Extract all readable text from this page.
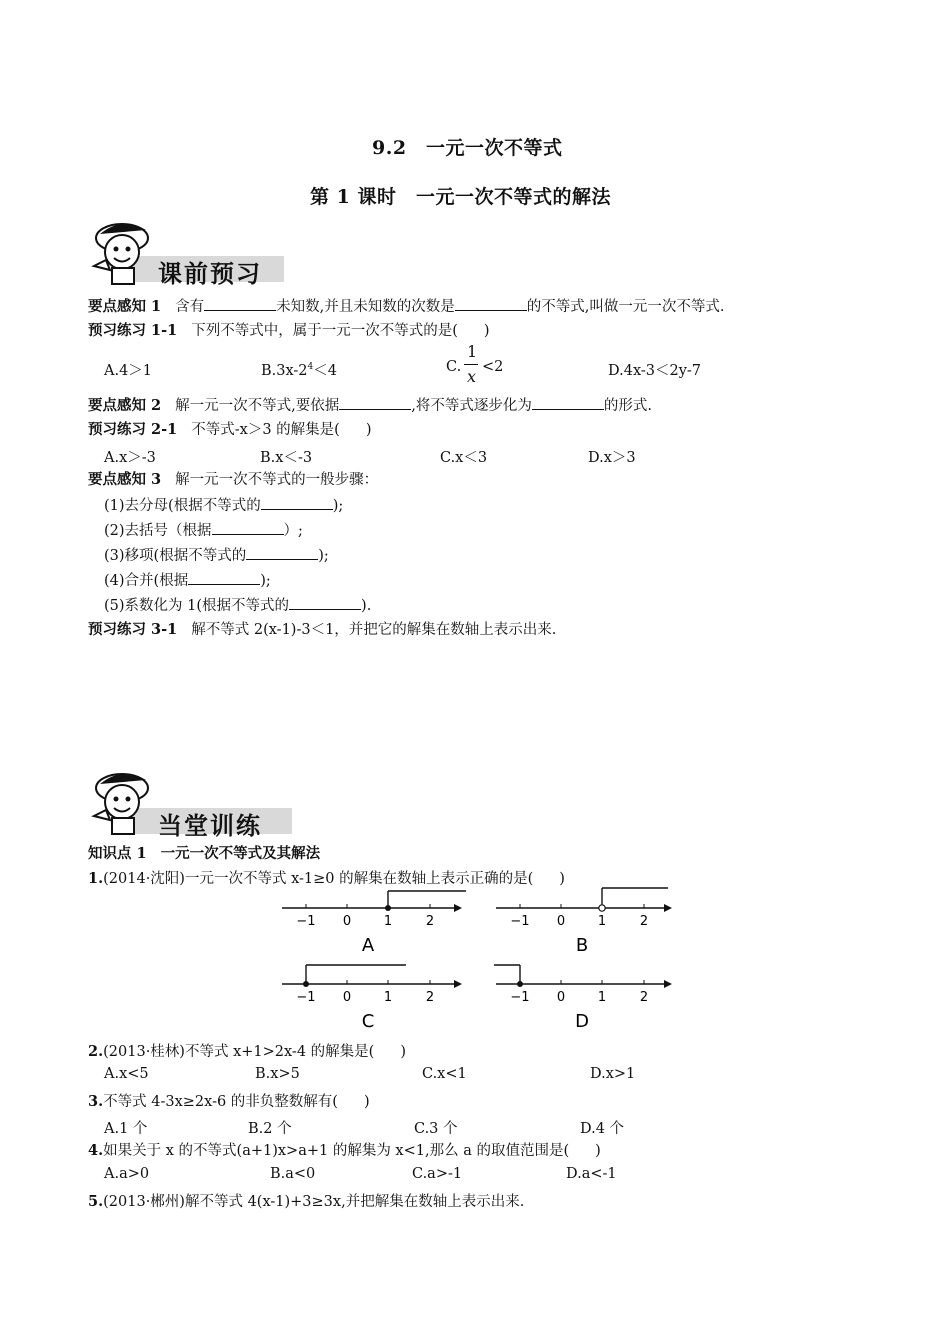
9.2　一元一次不等式
第 1 课时　一元一次不等式的解法
课前预习
要点感知 1 含有	未知数,并且未知数的次数是	的不等式,叫做一元一次不等式.
预习练习 1-1 下列不等式中，属于一元一次不等式的是( )
A.4＞1	$B.3x-2^4<4$	C.
1
x <2	D.4x-3＜2y-7
要点感知 2 解一元一次不等式,要依据	,将不等式逐步化为	的形式.
预习练习 2-1 不等式-x＞3 的解集是( )
A.x＞-3	B.x＜-3	C.x＜3	D.x＞3
要点感知 3 解一元一次不等式的一般步骤：
(1)去分母(根据不等式的	);
(2)去括号（根据	）;
(3)移项(根据不等式的	);
(4)合并(根据	);
(5)系数化为 1(根据不等式的	).
预习练习 3-1 解不等式 2(x-1)-3＜1，并把它的解集在数轴上表示出来.
当堂训练
知识点 1 一元一次不等式及其解法
1.(2014·沈阳)一元一次不等式 x-1≥0 的解集在数轴上表示正确的是( )
−1 0	1	2
A
−1 0	1	2
B
−1 0	1	2
C
−1 0	1	2
D
2.(2013·桂林)不等式 x+1>2x-4 的解集是( )
A.x<5	B.x>5	C.x<1	D.x>1
3.不等式 4-3x≥2x-6 的非负整数解有( )
A.1 个	B.2 个	C.3 个	D.4 个
4.如果关于 x 的不等式(a+1)x>a+1 的解集为 x<1,那么 a 的取值范围是( )
A.a>0	B.a<0	C.a>-1	D.a<-1
5.(2013·郴州)解不等式 4(x-1)+3≥3x,并把解集在数轴上表示出来.
